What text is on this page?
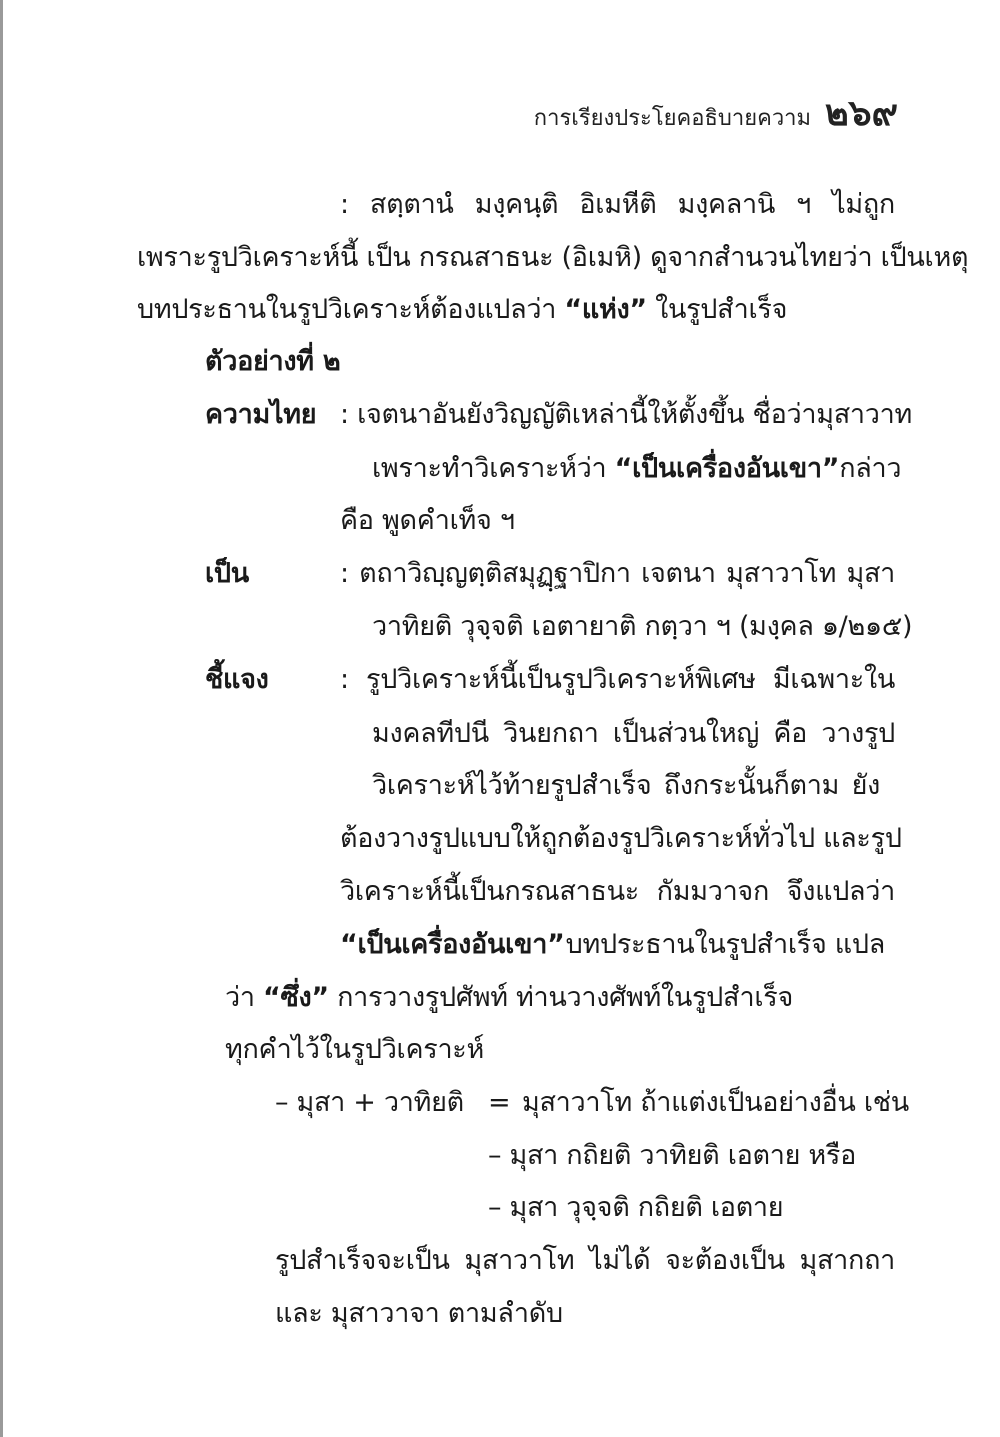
การเรียงประโยคอธิบายความ ๒๖๙
: สตฺตานํ มงฺคนฺติ อิเมหีติ มงฺคลานิ ฯ ไม่ถูก
เพราะรูปวิเคราะห์นี้ เป็น กรณสาธนะ (อิเมหิ) ดูจากสำนวนไทยว่า เป็นเหตุ
บทประธานในรูปวิเคราะห์ต้องแปลว่า “แห่ง” ในรูปสำเร็จ
ตัวอย่างที่ ๒
ความไทย : เจตนาอันยังวิญญัติเหล่านี้ให้ตั้งขึ้น ชื่อว่ามุสาวาท
เพราะทำวิเคราะห์ว่า “เป็นเครื่องอันเขา” กล่าว
คือ พูดคำเท็จ ฯ
เป็น	: ตถาวิญฺญตฺติสมุฏฺฐาปิกา เจตนา มุสาวาโท มุสา
วาทิยติ วุจฺจติ เอตายาติ กตฺวา ฯ (มงฺคล ๑/๒๑๕)
ชี้แจง	: รูปวิเคราะห์นี้เป็นรูปวิเคราะห์พิเศษ มีเฉพาะใน
มงคลทีปนี วินยกถา เป็นส่วนใหญ่ คือ วางรูป
วิเคราะห์ไว้ท้ายรูปสำเร็จ ถึงกระนั้นก็ตาม ยัง
ต้องวางรูปแบบให้ถูกต้องรูปวิเคราะห์ทั่วไป และรูป
วิเคราะห์นี้เป็นกรณสาธนะ กัมมวาจก จึงแปลว่า
“เป็นเครื่องอันเขา” บทประธานในรูปสำเร็จ แปล
ว่า “ซึ่ง” การวางรูปศัพท์ ท่านวางศัพท์ในรูปสำเร็จ
ทุกคำไว้ในรูปวิเคราะห์
– มุสา + วาทิยติ = มุสาวาโท ถ้าแต่งเป็นอย่างอื่น เช่น
– มุสา กถิยติ วาทิยติ เอตาย หรือ
– มุสา วุจฺจติ กถิยติ เอตาย
รูปสำเร็จจะเป็น มุสาวาโท ไม่ได้ จะต้องเป็น มุสากถา
และ มุสาวาจา ตามลำดับ
